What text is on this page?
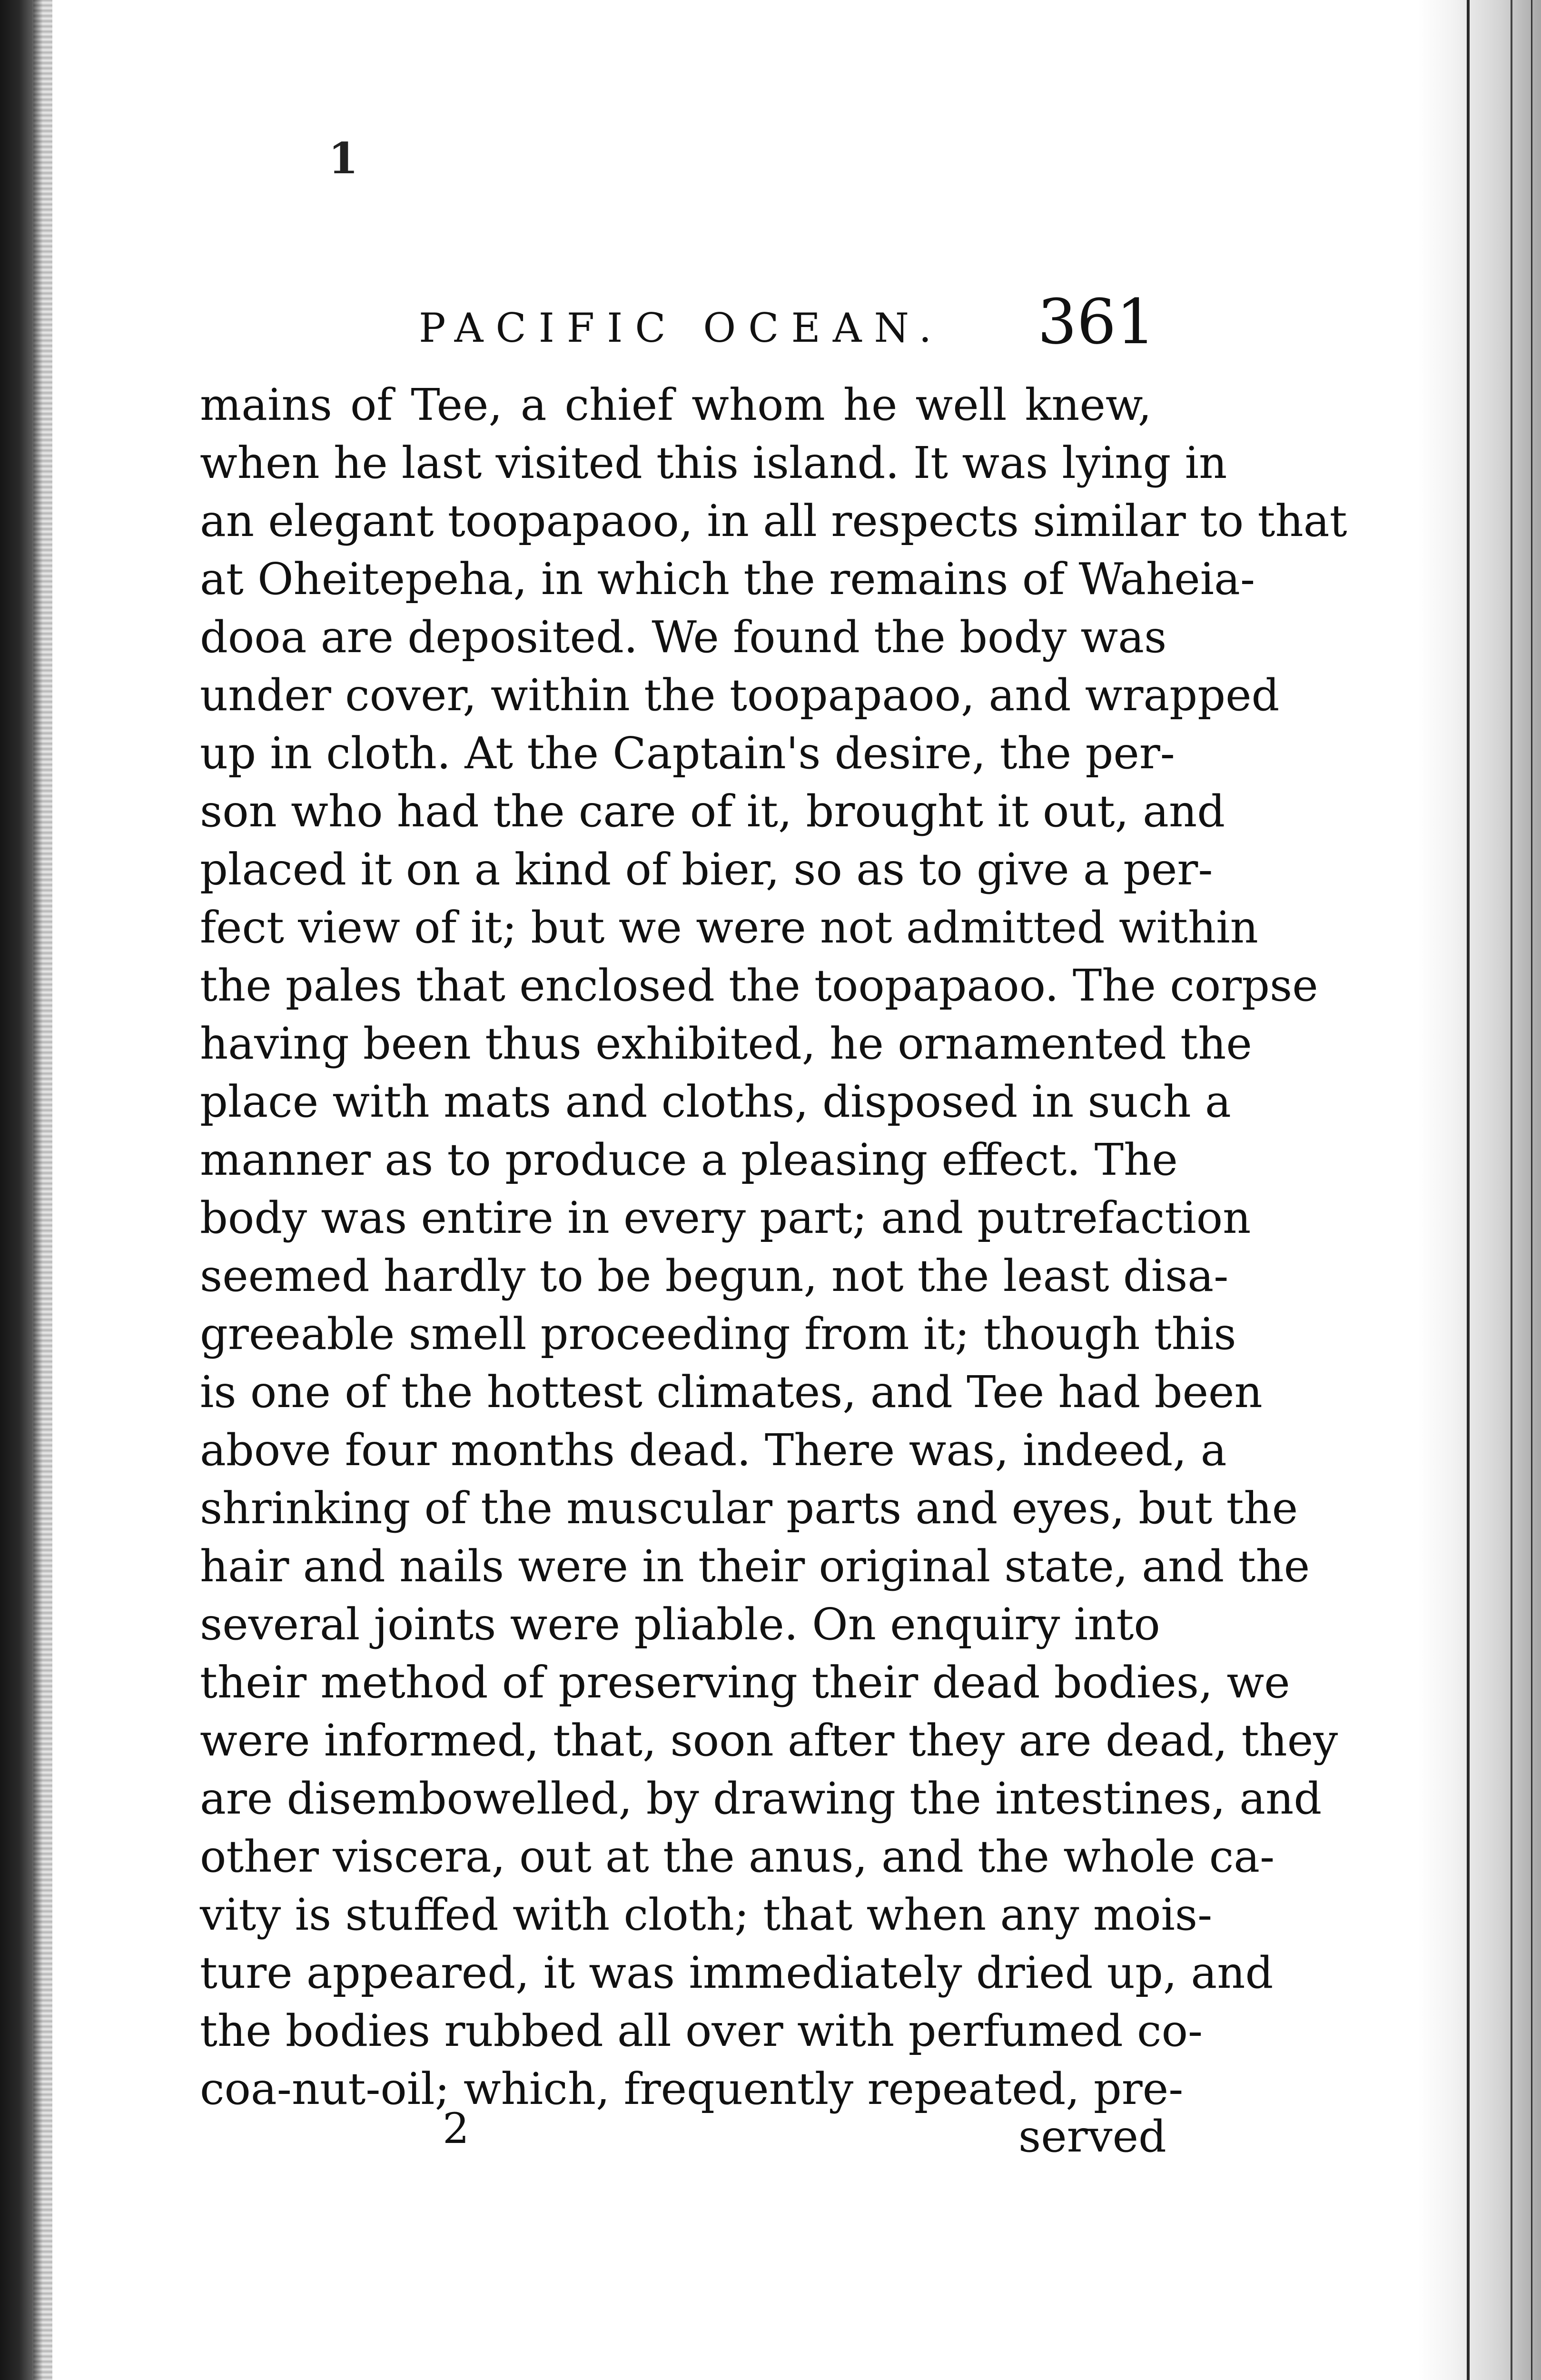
1
PACIFIC OCEAN. 361
mains of Tee, a chief whom he well knew,
when he last visited this island. It was lying in
an elegant toopapaoo, in all respects similar to that
at Oheitepeha, in which the remains of Waheia-
dooa are deposited. We found the body was
under cover, within the toopapaoo, and wrapped
up in cloth. At the Captain's desire, the per-
son who had the care of it, brought it out, and
placed it on a kind of bier, so as to give a per-
fect view of it; but we were not admitted within
the pales that enclosed the toopapaoo. The corpse
having been thus exhibited, he ornamented the
place with mats and cloths, disposed in such a
manner as to produce a pleasing effect. The
body was entire in every part; and putrefaction
seemed hardly to be begun, not the least disa-
greeable smell proceeding from it; though this
is one of the hottest climates, and Tee had been
above four months dead. There was, indeed, a
shrinking of the muscular parts and eyes, but the
hair and nails were in their original state, and the
several joints were pliable. On enquiry into
their method of preserving their dead bodies, we
were informed, that, soon after they are dead, they
are disembowelled, by drawing the intestines, and
other viscera, out at the anus, and the whole ca-
vity is stuffed with cloth; that when any mois-
ture appeared, it was immediately dried up, and
the bodies rubbed all over with perfumed co-
coa-nut-oil; which, frequently repeated, pre-
2	served
